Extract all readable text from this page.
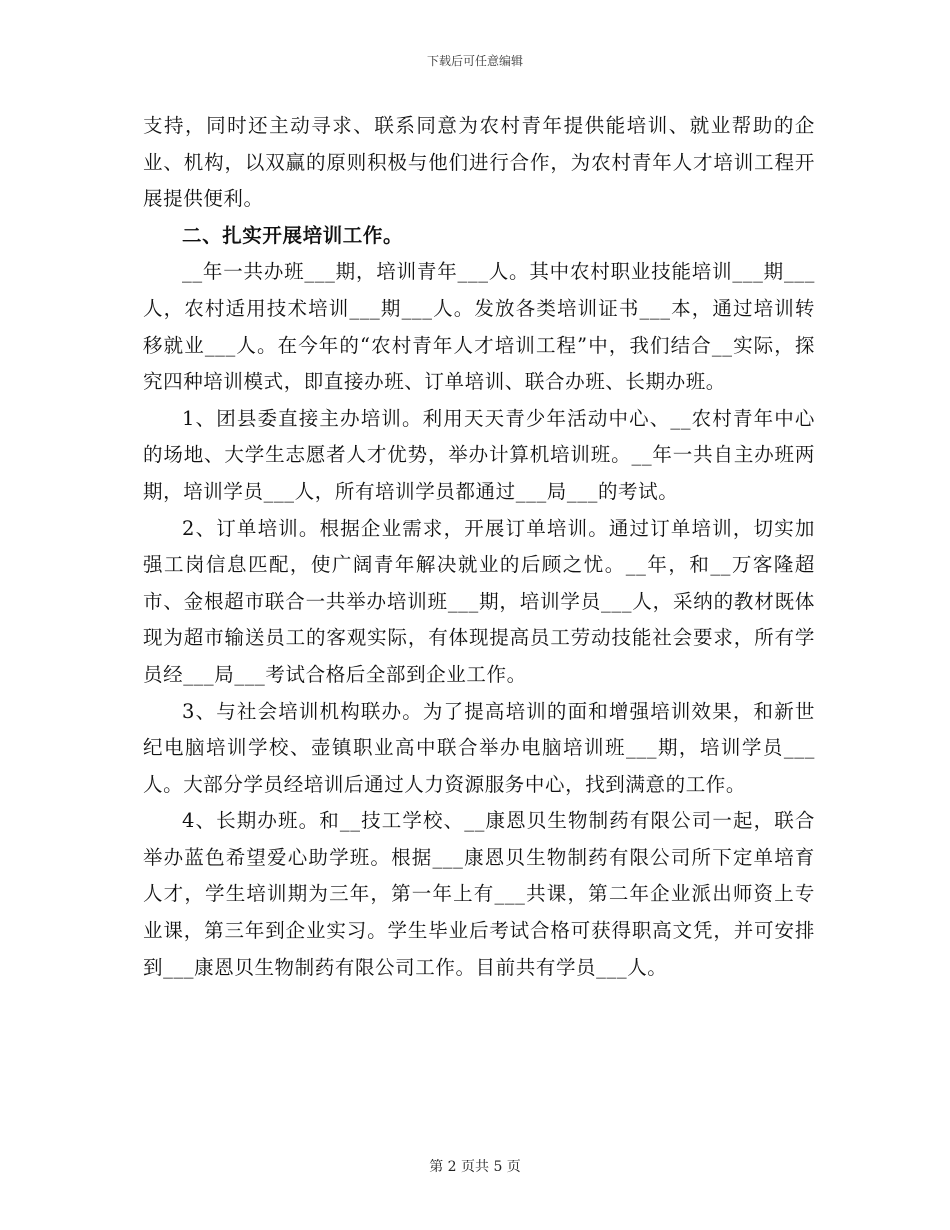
下载后可任意编辑

支持，同时还主动寻求、联系同意为农村青年提供能培训、就业帮助的企业、机构，以双赢的原则积极与他们进行合作，为农村青年人才培训工程开展提供便利。

二、扎实开展培训工作。

__年一共办班___期，培训青年___人。其中农村职业技能培训___期___人，农村适用技术培训___期___人。发放各类培训证书___本，通过培训转移就业___人。在今年的“农村青年人才培训工程”中，我们结合__实际，探究四种培训模式，即直接办班、订单培训、联合办班、长期办班。

1、团县委直接主办培训。利用天天青少年活动中心、__农村青年中心的场地、大学生志愿者人才优势，举办计算机培训班。__年一共自主办班两期，培训学员___人，所有培训学员都通过___局___的考试。

2、订单培训。根据企业需求，开展订单培训。通过订单培训，切实加强工岗信息匹配，使广阔青年解决就业的后顾之忧。__年，和__万客隆超市、金根超市联合一共举办培训班___期，培训学员___人，采纳的教材既体现为超市输送员工的客观实际，有体现提高员工劳动技能社会要求，所有学员经___局___考试合格后全部到企业工作。

3、与社会培训机构联办。为了提高培训的面和增强培训效果，和新世纪电脑培训学校、壶镇职业高中联合举办电脑培训班___期，培训学员___人。大部分学员经培训后通过人力资源服务中心，找到满意的工作。

4、长期办班。和__技工学校、__康恩贝生物制药有限公司一起，联合举办蓝色希望爱心助学班。根据___康恩贝生物制药有限公司所下定单培育人才，学生培训期为三年，第一年上有___共课，第二年企业派出师资上专业课，第三年到企业实习。学生毕业后考试合格可获得职高文凭，并可安排到___康恩贝生物制药有限公司工作。目前共有学员___人。

第 2 页共 5 页
